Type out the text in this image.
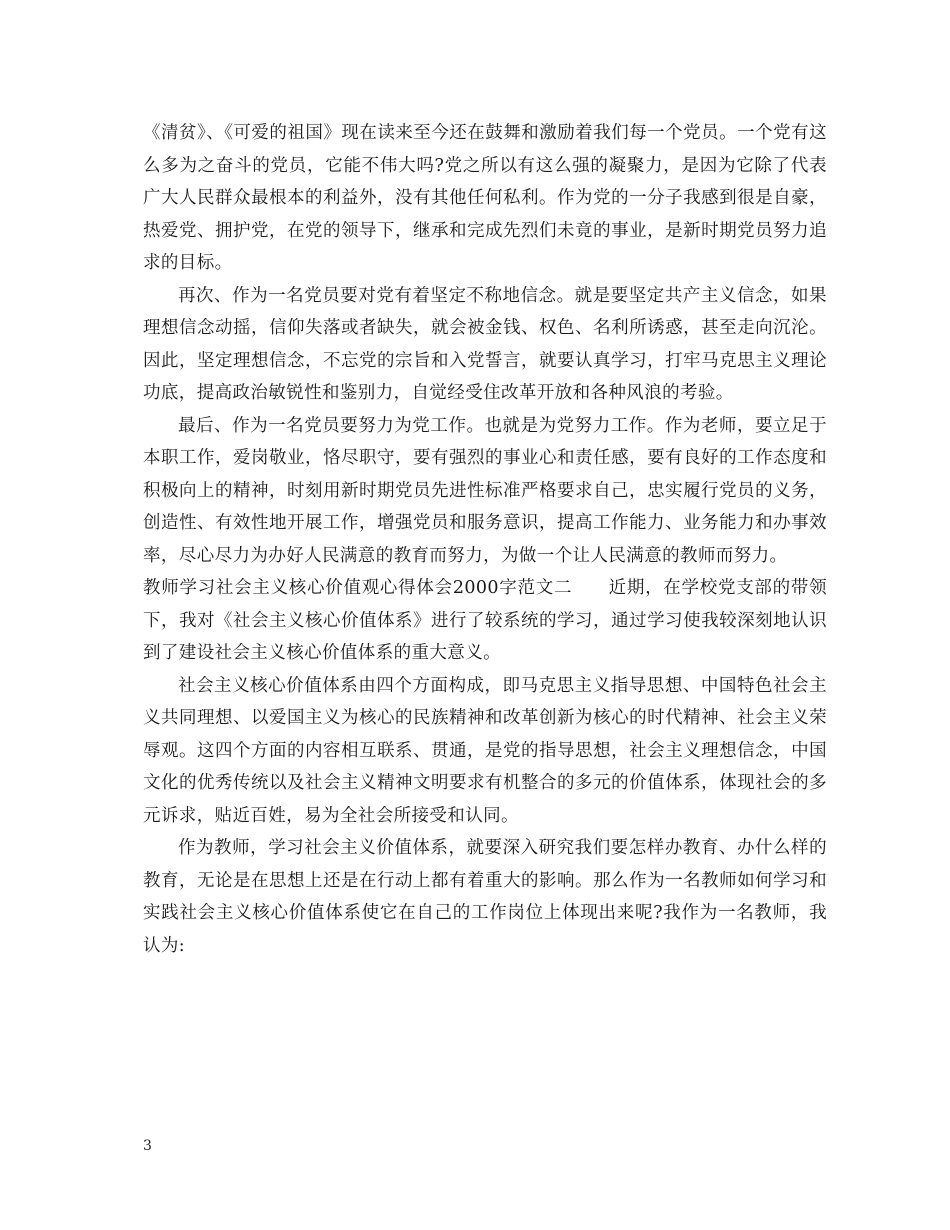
《清贫》、《可爱的祖国》现在读来至今还在鼓舞和激励着我们每一个党员。一个党有这么多为之奋斗的党员，它能不伟大吗?党之所以有这么强的凝聚力，是因为它除了代表广大人民群众最根本的利益外，没有其他任何私利。作为党的一分子我感到很是自豪，热爱党、拥护党，在党的领导下，继承和完成先烈们未竟的事业，是新时期党员努力追求的目标。

再次、作为一名党员要对党有着坚定不称地信念。就是要坚定共产主义信念，如果理想信念动摇，信仰失落或者缺失，就会被金钱、权色、名利所诱惑，甚至走向沉沦。因此，坚定理想信念，不忘党的宗旨和入党誓言，就要认真学习，打牢马克思主义理论功底，提高政治敏锐性和鉴别力，自觉经受住改革开放和各种风浪的考验。

最后、作为一名党员要努力为党工作。也就是为党努力工作。作为老师，要立足于本职工作，爱岗敬业，恪尽职守，要有强烈的事业心和责任感，要有良好的工作态度和积极向上的精神，时刻用新时期党员先进性标准严格要求自己，忠实履行党员的义务，创造性、有效性地开展工作，增强党员和服务意识，提高工作能力、业务能力和办事效率，尽心尽力为办好人民满意的教育而努力，为做一个让人民满意的教师而努力。

教师学习社会主义核心价值观心得体会2000字范文二　　近期，在学校党支部的带领下，我对《社会主义核心价值体系》进行了较系统的学习，通过学习使我较深刻地认识到了建设社会主义核心价值体系的重大意义。

社会主义核心价值体系由四个方面构成，即马克思主义指导思想、中国特色社会主义共同理想、以爱国主义为核心的民族精神和改革创新为核心的时代精神、社会主义荣辱观。这四个方面的内容相互联系、贯通，是党的指导思想，社会主义理想信念，中国文化的优秀传统以及社会主义精神文明要求有机整合的多元的价值体系，体现社会的多元诉求，贴近百姓，易为全社会所接受和认同。

作为教师，学习社会主义价值体系，就要深入研究我们要怎样办教育、办什么样的教育，无论是在思想上还是在行动上都有着重大的影响。那么作为一名教师如何学习和实践社会主义核心价值体系使它在自己的工作岗位上体现出来呢?我作为一名教师，我认为:

3
